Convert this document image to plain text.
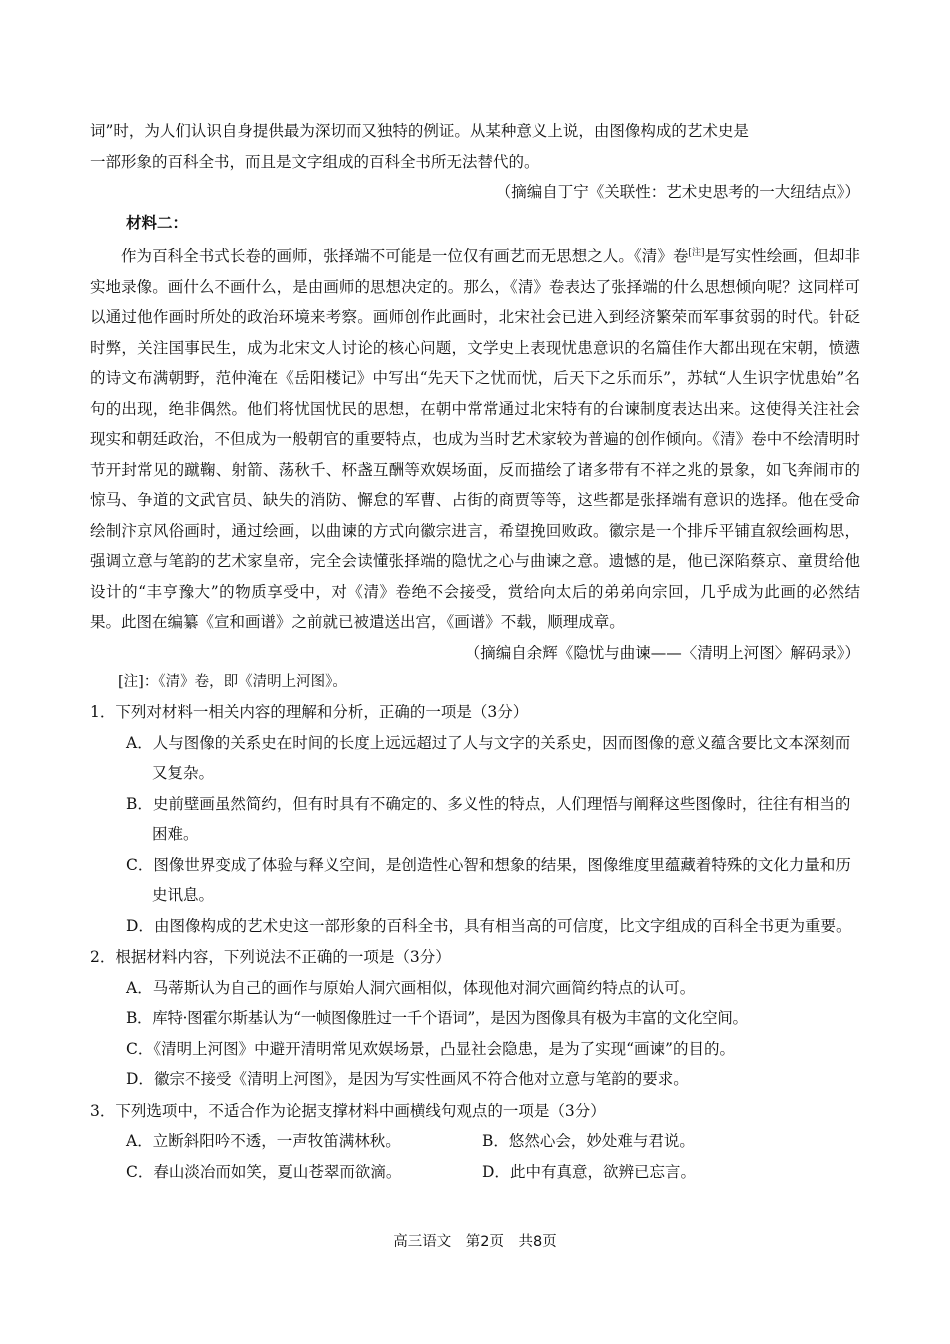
词”时，为人们认识自身提供最为深切而又独特的例证。从某种意义上说，由图像构成的艺术史是

一部形象的百科全书，而且是文字组成的百科全书所无法替代的。

（摘编自丁宁《关联性：艺术史思考的一大纽结点》）

材料二：

作为百科全书式长卷的画师，张择端不可能是一位仅有画艺而无思想之人。《清》卷[注]是写实性绘画，但却非实地录像。画什么不画什么，是由画师的思想决定的。那么，《清》卷表达了张择端的什么思想倾向呢？这同样可以通过他作画时所处的政治环境来考察。画师创作此画时，北宋社会已进入到经济繁荣而军事贫弱的时代。针砭时弊，关注国事民生，成为北宋文人讨论的核心问题，文学史上表现忧患意识的名篇佳作大都出现在宋朝，愤懑的诗文布满朝野，范仲淹在《岳阳楼记》中写出“先天下之忧而忧，后天下之乐而乐”，苏轼“人生识字忧患始”名句的出现，绝非偶然。他们将忧国忧民的思想，在朝中常常通过北宋特有的台谏制度表达出来。这使得关注社会现实和朝廷政治，不但成为一般朝官的重要特点，也成为当时艺术家较为普遍的创作倾向。《清》卷中不绘清明时节开封常见的蹴鞠、射箭、荡秋千、杯盏互酬等欢娱场面，反而描绘了诸多带有不祥之兆的景象，如飞奔闹市的惊马、争道的文武官员、缺失的消防、懈怠的军曹、占街的商贾等等，这些都是张择端有意识的选择。他在受命绘制汴京风俗画时，通过绘画，以曲谏的方式向徽宗进言，希望挽回败政。徽宗是一个排斥平铺直叙绘画构思，强调立意与笔韵的艺术家皇帝，完全会读懂张择端的隐忧之心与曲谏之意。遗憾的是，他已深陷蔡京、童贯给他设计的“丰亨豫大”的物质享受中，对《清》卷绝不会接受，赏给向太后的弟弟向宗回，几乎成为此画的必然结果。此图在编纂《宣和画谱》之前就已被遣送出宫，《画谱》不载，顺理成章。

（摘编自余辉《隐忧与曲谏——〈清明上河图〉解码录》）

[注]：《清》卷，即《清明上河图》。

1．下列对材料一相关内容的理解和分析，正确的一项是（3分）

A．人与图像的关系史在时间的长度上远远超过了人与文字的关系史，因而图像的意义蕴含要比文本深刻而又复杂。

B．史前壁画虽然简约，但有时具有不确定的、多义性的特点，人们理悟与阐释这些图像时，往往有相当的困难。

C．图像世界变成了体验与释义空间，是创造性心智和想象的结果，图像维度里蕴藏着特殊的文化力量和历史讯息。

D．由图像构成的艺术史这一部形象的百科全书，具有相当高的可信度，比文字组成的百科全书更为重要。

2．根据材料内容，下列说法不正确的一项是（3分）

A．马蒂斯认为自己的画作与原始人洞穴画相似，体现他对洞穴画简约特点的认可。

B．库特·图霍尔斯基认为“一帧图像胜过一千个语词”，是因为图像具有极为丰富的文化空间。

C．《清明上河图》中避开清明常见欢娱场景，凸显社会隐患，是为了实现“画谏”的目的。

D．徽宗不接受《清明上河图》，是因为写实性画风不符合他对立意与笔韵的要求。

3．下列选项中，不适合作为论据支撑材料中画横线句观点的一项是（3分）

A．立断斜阳吟不透，一声牧笛满林秋。	B．悠然心会，妙处难与君说。
C．春山淡冶而如笑，夏山苍翠而欲滴。	D．此中有真意，欲辨已忘言。
高三语文　第2页　共8页
